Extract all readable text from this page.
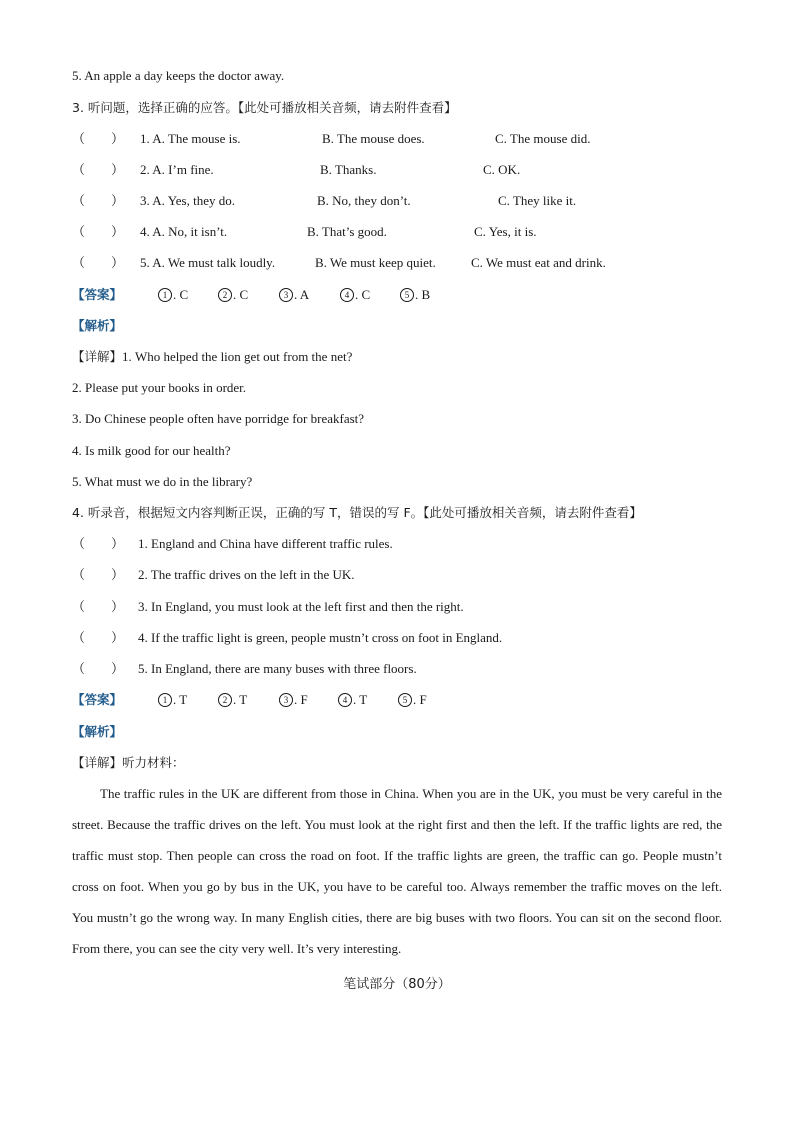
5. An apple a day keeps the doctor away.
3. 听问题，选择正确的应答。【此处可播放相关音频，请去附件查看】
（　　）	1. A. The mouse is.	B. The mouse does.	C. The mouse did.
（　　）	2. A. I’m fine.	B. Thanks.	C. OK.
（　　）	3. A. Yes, they do.	B. No, they don’t.	C. They like it.
（　　）	4. A. No, it isn’t.	B. That’s good.	C. Yes, it is.
（　　）	5. A. We must talk loudly.	B. We must keep quiet.	C. We must eat and drink.
【答案】	1 . C	2 . C	3 . A	4 . C	5 . B
【解析】
【详解】1. Who helped the lion get out from the net?
2. Please put your books in order.
3. Do Chinese people often have porridge for breakfast?
4. Is milk good for our health?
5. What must we do in the library?
4. 听录音，根据短文内容判断正误，正确的写 T，错误的写 F。【此处可播放相关音频，请去附件查看】
（　　） 1. England and China have different traffic rules.
（　　） 2. The traffic drives on the left in the UK.
（　　） 3. In England, you must look at the left first and then the right.
（　　） 4. If the traffic light is green, people mustn’t cross on foot in England.
（　　） 5. In England, there are many buses with three floors.
【答案】	1 . T	2 . T	3 . F	4 . T	5 . F
【解析】
【详解】听力材料：

The traffic rules in the UK are different from those in China. When you are in the UK, you must be very careful in the street. Because the traffic drives on the left. You must look at the right first and then the left. If the traffic lights are red, the traffic must stop. Then people can cross the road on foot. If the traffic lights are green, the traffic can go. People mustn’t cross on foot. When you go by bus in the UK, you have to be careful too. Always remember the traffic moves on the left. You mustn’t go the wrong way. In many English cities, there are big buses with two floors. You can sit on the second floor. From there, you can see the city very well. It’s very interesting.

笔试部分（80分）
